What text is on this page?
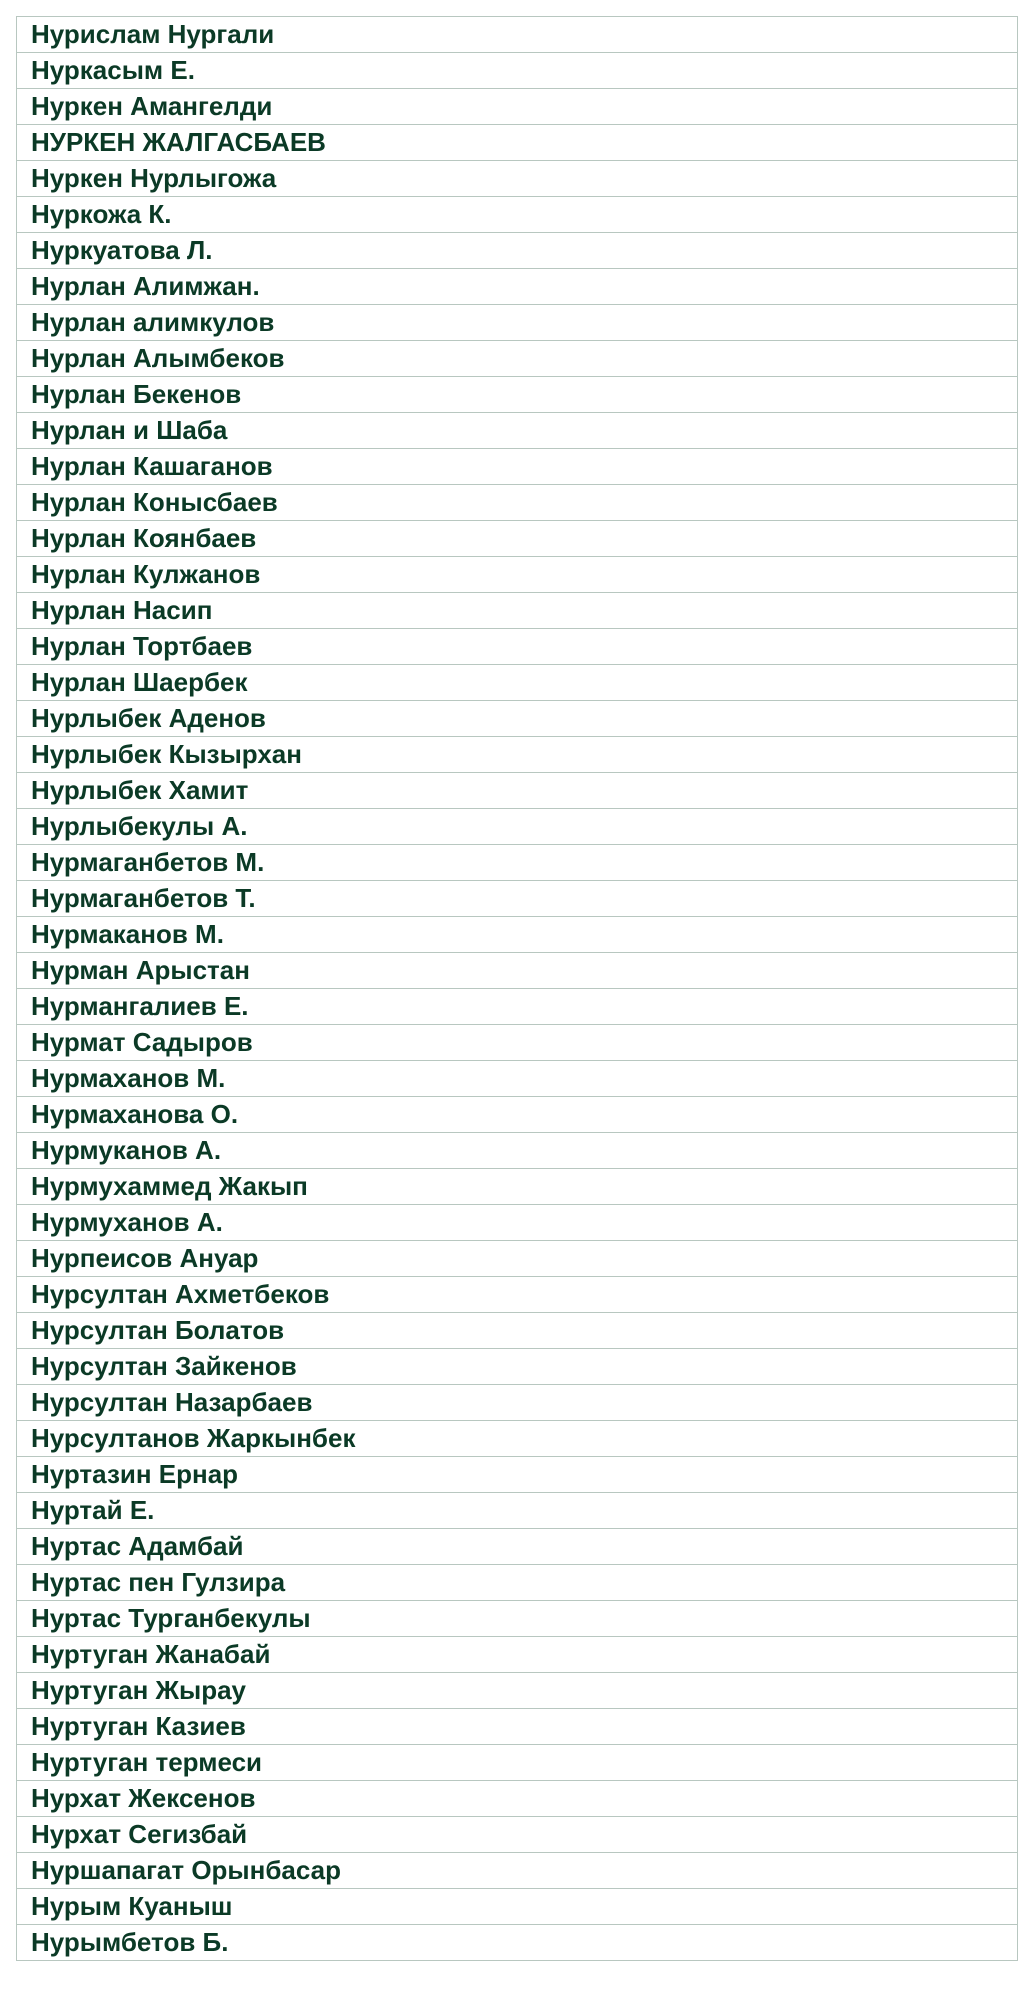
Нурислам Нургали
Нуркасым Е.
Нуркен Амангелди
НУРКЕН ЖАЛГАСБАЕВ
Нуркен Нурлыгожа
Нуркожа К.
Нуркуатова Л.
Нурлан Алимжан.
Нурлан алимкулов
Нурлан Алымбеков
Нурлан Бекенов
Нурлан и Шаба
Нурлан Кашаганов
Нурлан Конысбаев
Нурлан Коянбаев
Нурлан Кулжанов
Нурлан Насип
Нурлан Тортбаев
Нурлан Шаербек
Нурлыбек Аденов
Нурлыбек Кызырхан
Нурлыбек Хамит
Нурлыбекулы А.
Нурмаганбетов М.
Нурмаганбетов Т.
Нурмаканов М.
Нурман Арыстан
Нурмангалиев Е.
Нурмат Садыров
Нурмаханов М.
Нурмаханова О.
Нурмуканов А.
Нурмухаммед Жакып
Нурмуханов А.
Нурпеисов Ануар
Нурсултан Ахметбеков
Нурсултан Болатов
Нурсултан Зайкенов
Нурсултан Назарбаев
Нурсултанов Жаркынбек
Нуртазин Ернар
Нуртай Е.
Нуртас Адамбай
Нуртас пен Гулзира
Нуртас Турганбекулы
Нуртуган Жанабай
Нуртуган Жырау
Нуртуган Казиев
Нуртуган термеси
Нурхат Жексенов
Нурхат Сегизбай
Нуршапагат Орынбасар
Нурым Куаныш
Нурымбетов Б.
